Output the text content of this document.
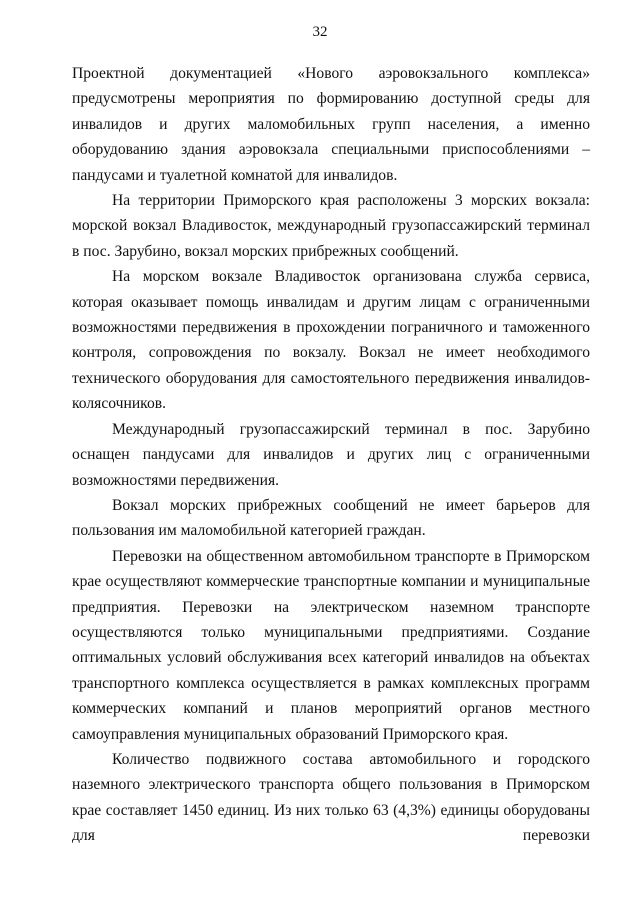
32

Проектной документацией «Нового аэровокзального комплекса» предусмотрены мероприятия по формированию доступной среды для инвалидов и других маломобильных групп населения, а именно оборудованию здания аэровокзала специальными приспособлениями – пандусами и туалетной комнатой для инвалидов.

На территории Приморского края расположены 3 морских вокзала: морской вокзал Владивосток, международный грузопассажирский терминал в пос. Зарубино, вокзал морских прибрежных сообщений.

На морском вокзале Владивосток организована служба сервиса, которая оказывает помощь инвалидам и другим лицам с ограниченными возможностями передвижения в прохождении пограничного и таможенного контроля, сопровождения по вокзалу. Вокзал не имеет необходимого технического оборудования для самостоятельного передвижения инвалидов-колясочников.

Международный грузопассажирский терминал в пос. Зарубино оснащен пандусами для инвалидов и других лиц с ограниченными возможностями передвижения.

Вокзал морских прибрежных сообщений не имеет барьеров для пользования им маломобильной категорией граждан.

Перевозки на общественном автомобильном транспорте в Приморском крае осуществляют коммерческие транспортные компании и муниципальные предприятия. Перевозки на электрическом наземном транспорте осуществляются только муниципальными предприятиями. Создание оптимальных условий обслуживания всех категорий инвалидов на объектах транспортного комплекса осуществляется в рамках комплексных программ коммерческих компаний и планов мероприятий органов местного самоуправления муниципальных образований Приморского края.

Количество подвижного состава автомобильного и городского наземного электрического транспорта общего пользования в Приморском крае составляет 1450 единиц. Из них только 63 (4,3%) единицы оборудованы для перевозки
